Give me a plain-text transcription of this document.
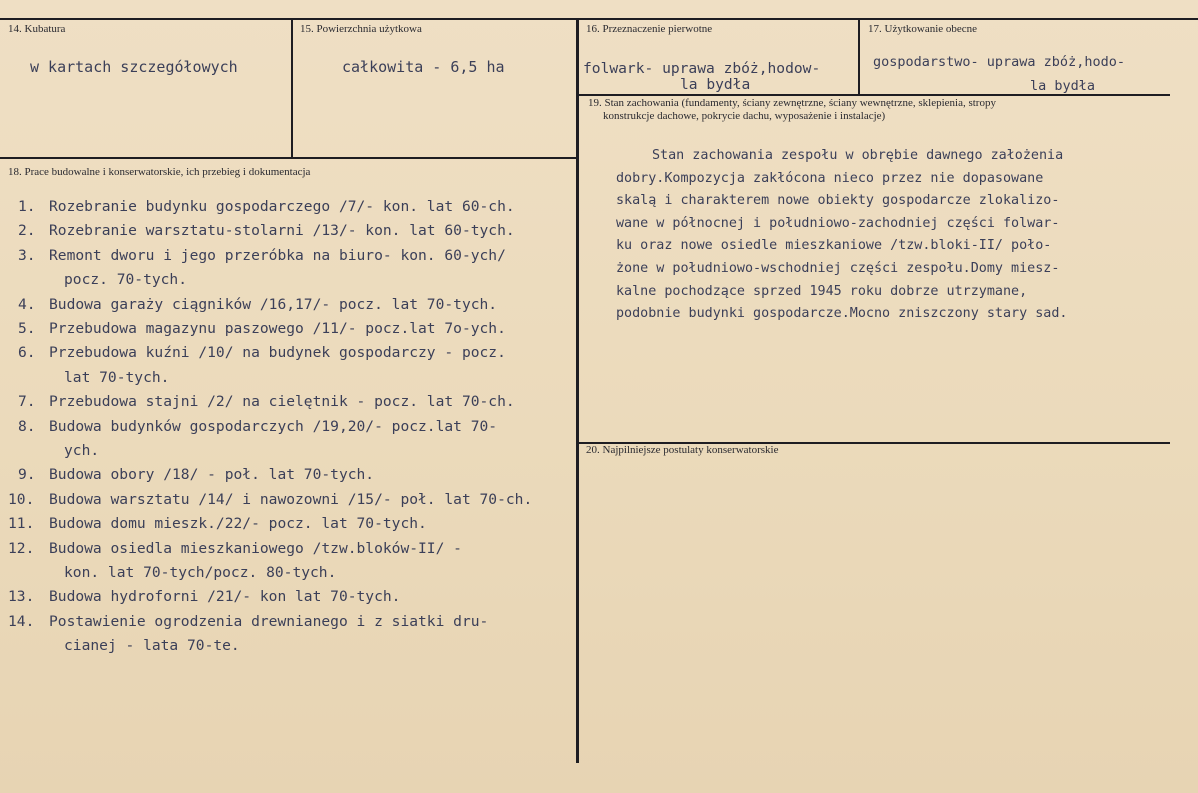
14. Kubatura
w kartach szczegółowych
15. Powierzchnia użytkowa
całkowita - 6,5 ha
16. Przeznaczenie pierwotne
folwark- uprawa zbóż,hodow-
la bydła
17. Użytkowanie obecne
gospodarstwo- uprawa zbóż,hodo-
la bydła
18. Prace budowalne i konserwatorskie, ich przebieg i dokumentacja
1. Rozebranie budynku gospodarczego /7/- kon. lat 60-ch.
2. Rozebranie warsztatu-stolarni /13/- kon. lat 60-tych.
3. Remont dworu i jego przeróbka na biuro- kon. 60-ych/
pocz. 70-tych.
4. Budowa garaży ciągników /16,17/- pocz. lat 70-tych.
5. Przebudowa magazynu paszowego /11/- pocz.lat 7o-ych.
6. Przebudowa kuźni /10/ na budynek gospodarczy - pocz.
lat 70-tych.
7. Przebudowa stajni /2/ na cielętnik - pocz. lat 70-ch.
8. Budowa budynków gospodarczych /19,20/- pocz.lat 70-
ych.
9. Budowa obory /18/ - poł. lat 70-tych.
10. Budowa warsztatu /14/ i nawozowni /15/- poł. lat 70-ch.
11. Budowa domu mieszk./22/- pocz. lat 70-tych.
12. Budowa osiedla mieszkaniowego /tzw.bloków-II/ -
kon. lat 70-tych/pocz. 80-tych.
13. Budowa hydroforni /21/- kon lat 70-tych.
14. Postawienie ogrodzenia drewnianego i z siatki dru-
cianej - lata 70-te.
19. Stan zachowania (fundamenty, ściany zewnętrzne, ściany wewnętrzne, sklepienia, stropy
konstrukcje dachowe, pokrycie dachu, wyposażenie i instalacje)
Stan zachowania zespołu w obrębie dawnego założenia
dobry.Kompozycja zakłócona nieco przez nie dopasowane
skalą i charakterem nowe obiekty gospodarcze zlokalizo-
wane w północnej i południowo-zachodniej części folwar-
ku oraz nowe osiedle mieszkaniowe /tzw.bloki-II/ poło-
żone w południowo-wschodniej części zespołu.Domy miesz-
kalne pochodzące sprzed 1945 roku dobrze utrzymane,
podobnie budynki gospodarcze.Mocno zniszczony stary sad.
20. Najpilniejsze postulaty konserwatorskie
